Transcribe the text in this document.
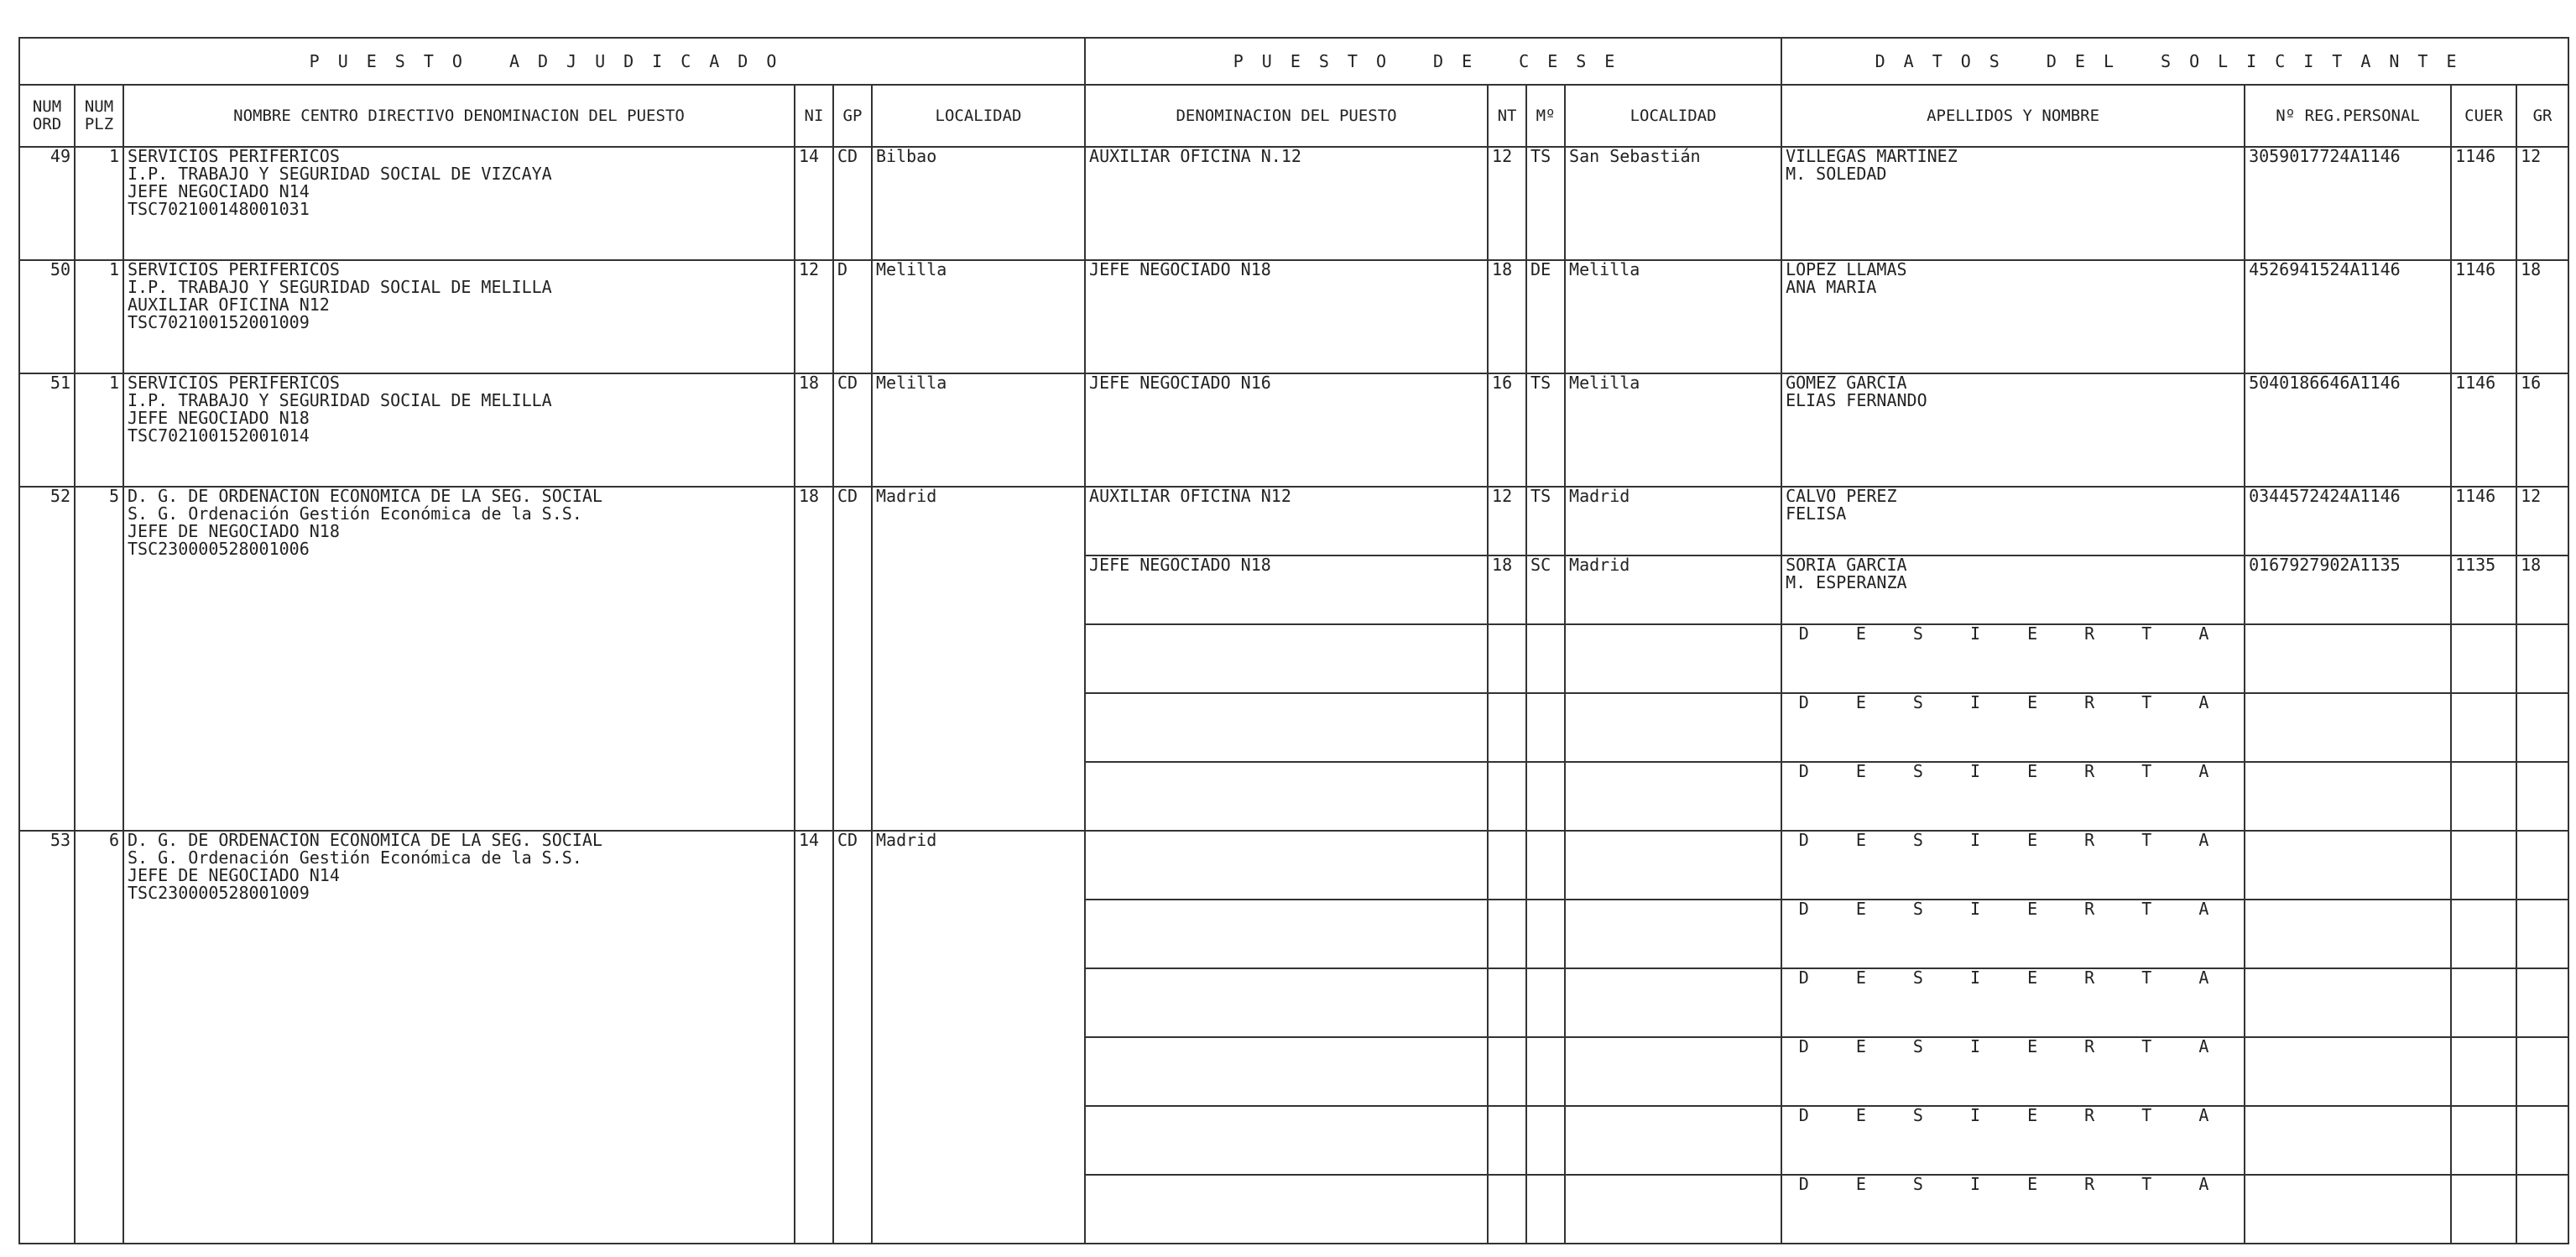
PUESTO ADJUDICADO						PUESTO DE CESE				DATOS DEL SOLICITANTE			
NUM ORD	NUM PLZ	NOMBRE CENTRO DIRECTIVO DENOMINACION DEL PUESTO	NI	GP	LOCALIDAD	DENOMINACION DEL PUESTO	NT	Mº	LOCALIDAD	APELLIDOS Y NOMBRE	Nº REG.PERSONAL	CUER	GR
49	1	SERVICIOS PERIFERICOS
I.P. TRABAJO Y SEGURIDAD SOCIAL DE VIZCAYA
JEFE NEGOCIADO N14
TSC702100148001031	14	CD	Bilbao	AUXILIAR OFICINA N.12	12	TS	San Sebastián	VILLEGAS MARTINEZ
M. SOLEDAD	3059017724A1146	1146	12
50	1	SERVICIOS PERIFERICOS
I.P. TRABAJO Y SEGURIDAD SOCIAL DE MELILLA
AUXILIAR OFICINA N12
TSC702100152001009	12	D	Melilla	JEFE NEGOCIADO N18	18	DE	Melilla	LOPEZ LLAMAS
ANA MARIA	4526941524A1146	1146	18
51	1	SERVICIOS PERIFERICOS
I.P. TRABAJO Y SEGURIDAD SOCIAL DE MELILLA
JEFE NEGOCIADO N18
TSC702100152001014	18	CD	Melilla	JEFE NEGOCIADO N16	16	TS	Melilla	GOMEZ GARCIA
ELIAS FERNANDO	5040186646A1146	1146	16
52	5	D. G. DE ORDENACION ECONOMICA DE LA SEG. SOCIAL
S. G. Ordenación Gestión Económica de la S.S.
JEFE DE NEGOCIADO N18
TSC230000528001006	18	CD	Madrid	AUXILIAR OFICINA N12	12	TS	Madrid	CALVO PEREZ
FELISA	0344572424A1146	1146	12
						JEFE NEGOCIADO N18	18	SC	Madrid	SORIA GARCIA
M. ESPERANZA	0167927902A1135	1135	18
										D E S I E R T A			
										D E S I E R T A			
										D E S I E R T A			
53	6	D. G. DE ORDENACION ECONOMICA DE LA SEG. SOCIAL
S. G. Ordenación Gestión Económica de la S.S.
JEFE DE NEGOCIADO N14
TSC230000528001009	14	CD	Madrid					D E S I E R T A			
										D E S I E R T A			
										D E S I E R T A			
										D E S I E R T A			
										D E S I E R T A			
										D E S I E R T A			
